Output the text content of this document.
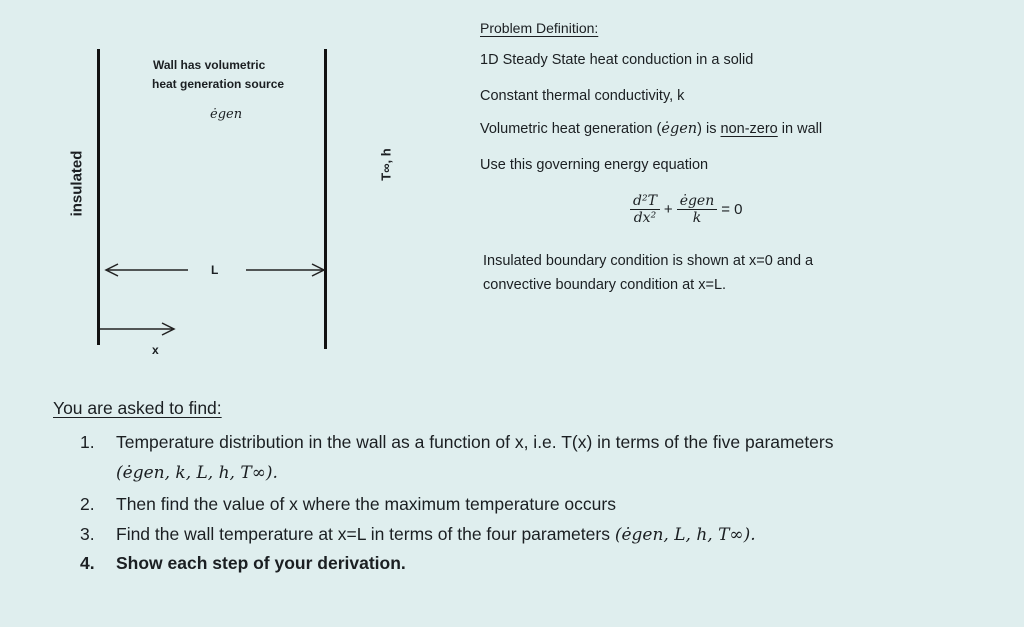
insulated
Wall has volumetric
heat generation source
ėgen
T∞, h
L
x
Problem Definition:
1D Steady State heat conduction in a solid
Constant thermal conductivity, k
Volumetric heat generation (ėgen) is non-zero in wall
Use this governing energy equation
$\frac{\text{d²T}}{\text{dx²}} + \frac{\text{ėgen}}{k} = 0$
Insulated boundary condition is shown at x=0 and a
convective boundary condition at x=L.
You are asked to find:
1. Temperature distribution in the wall as a function of x, i.e. T(x) in terms of the five parameters
(ėgen, k, L, h, T∞).
2. Then find the value of x where the maximum temperature occurs
3. Find the wall temperature at x=L in terms of the four parameters (ėgen, L, h, T∞).
4. Show each step of your derivation.
